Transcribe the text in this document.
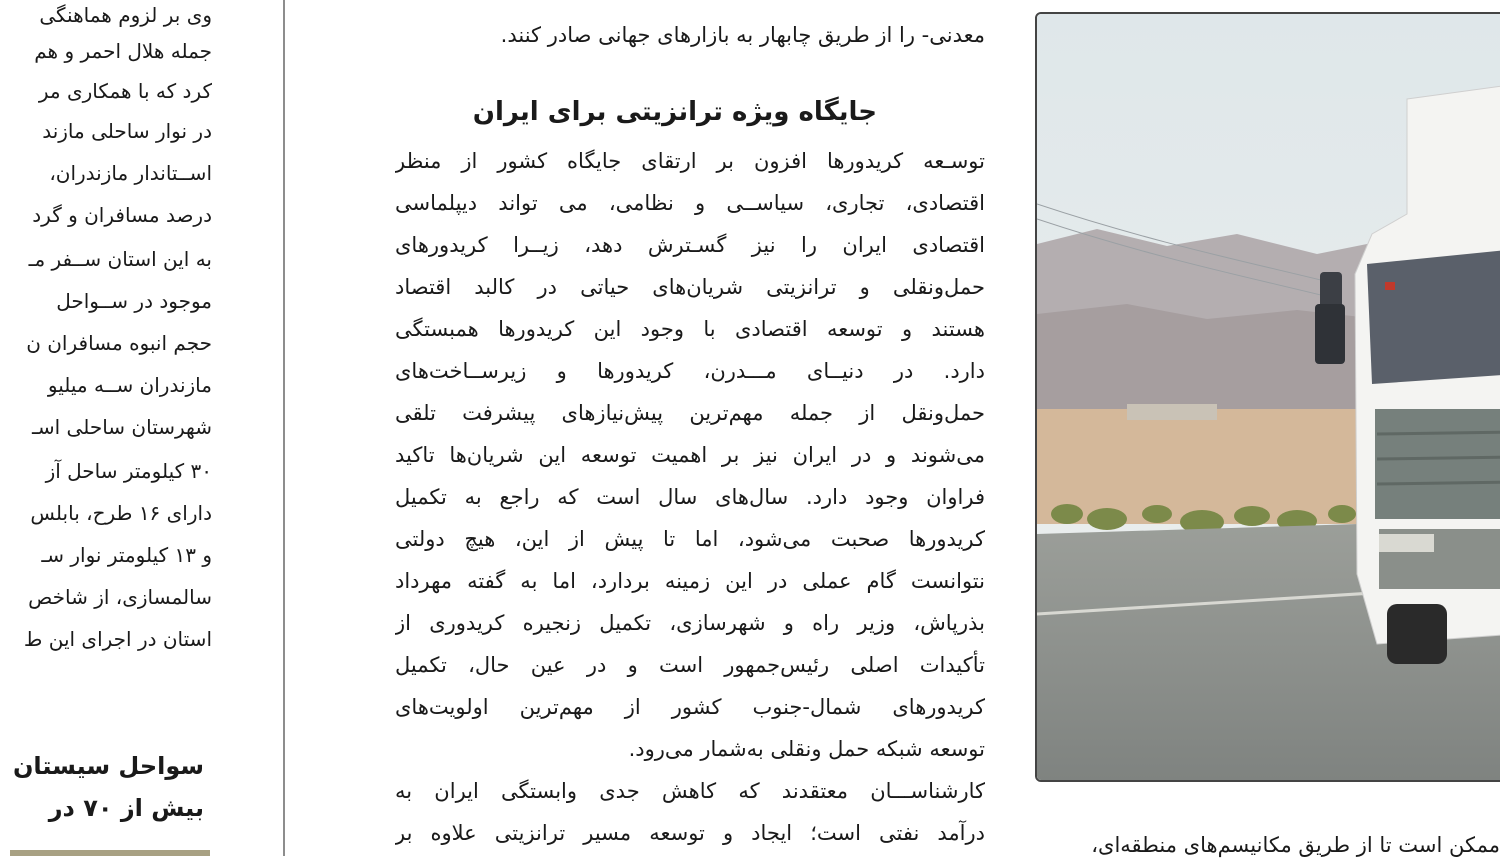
وی بر لزوم هماهنگی
جمله هلال احمر و هم
کرد که با همکاری مر
در نوار ساحلی مازند
اســتاندار مازندران،
درصد مسافران و گرد
به این استان ســفر مـ
موجود در ســواحل
حجم انبوه مسافران ن
مازندران ســه میلیو
شهرستان ساحلی اسـ
۳۰ کیلومتر ساحل آز
دارای ۱۶ طرح، بابلس
و ۱۳ کیلومتر نوار سـ
سالمسازی، از شاخص
استان در اجرای این ط
سواحل سیستان
بیش از ۷۰ در
معدنی- را از طریق چابهار به بازارهای جهانی صادر کنند.
جایگاه ویژه ترانزیتی برای ایران
توسـعه کریدورها افزون بر ارتقای جایگاه کشور از منظر
اقتصادی، تجاری، سیاســی و نظامی، می تواند دیپلماسی
اقتصادی ایران را نیز گسـترش دهد، زیــرا کریدورهای
حمل‌ونقلی و ترانزیتی شریان‌های حیاتی در کالبد اقتصاد
هستند و توسعه اقتصادی با وجود این کریدورها همبستگی
دارد. در دنیــای مـــدرن، کریدورها و زیرســاخت‌های
حمل‌ونقل از جمله مهم‌ترین پیش‌نیازهای پیشرفت تلقی
می‌شوند و در ایران نیز بر اهمیت توسعه این شریان‌ها تاکید
فراوان وجود دارد. سال‌های سال است که راجع به تکمیل
کریدورها صحبت می‌شود، اما تا پیش از این، هیچ دولتی
نتوانست گام عملی در این زمینه بردارد، اما به گفته مهرداد
بذرپاش، وزیر راه و شهرسازی، تکمیل زنجیره کریدوری از
تأکیدات اصلی رئیس‌جمهور است و در عین حال، تکمیل
کریدورهای شمال-جنوب کشور از مهم‌ترین اولویت‌های
توسعه شبکه حمل ونقلی به‌شمار می‌رود.
کارشناســـان معتقدند که کاهش جدی وابستگی ایران به
درآمد نفتی است؛ ایجاد و توسعه مسیر ترانزیتی علاوه بر	ممکن است تا از طریق مکانیسم‌های منطقه‌ای،
